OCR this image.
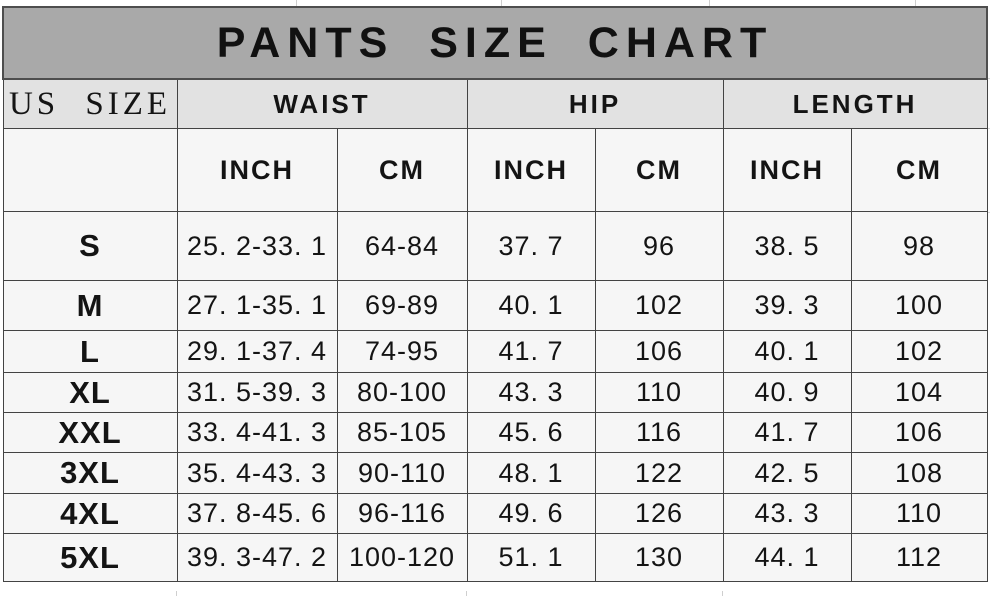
PANTS SIZE CHART						
US SIZE	WAIST		HIP		LENGTH	
	INCH	CM	INCH	CM	INCH	CM
S	25. 2-33. 1	64-84	37. 7	96	38. 5	98
M	27. 1-35. 1	69-89	40. 1	102	39. 3	100
L	29. 1-37. 4	74-95	41. 7	106	40. 1	102
XL	31. 5-39. 3	80-100	43. 3	110	40. 9	104
XXL	33. 4-41. 3	85-105	45. 6	116	41. 7	106
3XL	35. 4-43. 3	90-110	48. 1	122	42. 5	108
4XL	37. 8-45. 6	96-116	49. 6	126	43. 3	110
5XL	39. 3-47. 2	100-120	51. 1	130	44. 1	112
